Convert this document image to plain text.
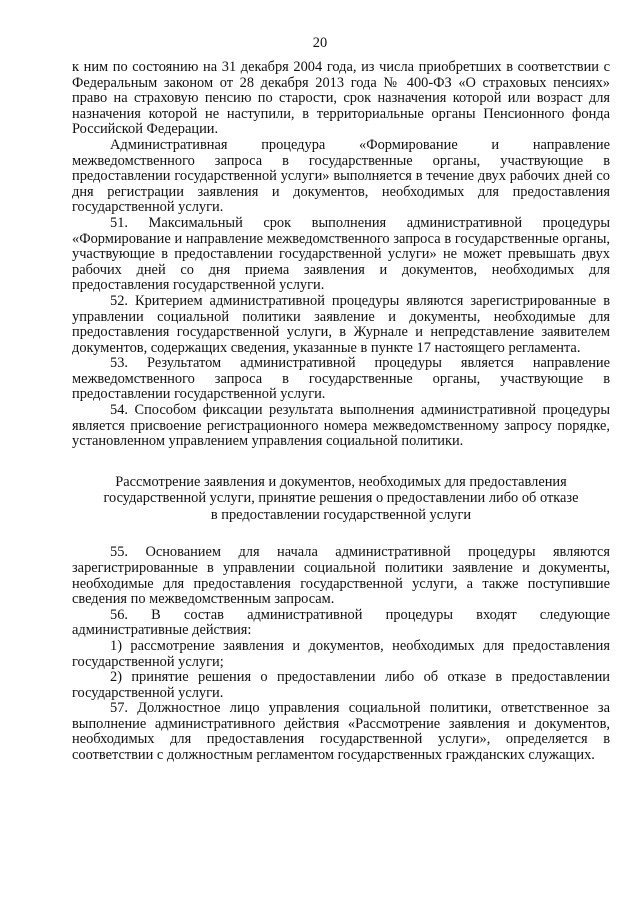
20

к ним по состоянию на 31 декабря 2004 года, из числа приобретших в соответствии с Федеральным законом от 28 декабря 2013 года № 400-ФЗ «О страховых пенсиях» право на страховую пенсию по старости, срок назначения которой или возраст для назначения которой не наступили, в территориальные органы Пенсионного фонда Российской Федерации.

Административная процедура «Формирование и направление межведомственного запроса в государственные органы, участвующие в предоставлении государственной услуги» выполняется в течение двух рабочих дней со дня регистрации заявления и документов, необходимых для предоставления государственной услуги.

51. Максимальный срок выполнения административной процедуры «Формирование и направление межведомственного запроса в государственные органы, участвующие в предоставлении государственной услуги» не может превышать двух рабочих дней со дня приема заявления и документов, необходимых для предоставления государственной услуги.

52. Критерием административной процедуры являются зарегистрированные в управлении социальной политики заявление и документы, необходимые для предоставления государственной услуги, в Журнале и непредставление заявителем документов, содержащих сведения, указанные в пункте 17 настоящего регламента.

53. Результатом административной процедуры является направление межведомственного запроса в государственные органы, участвующие в предоставлении государственной услуги.

54. Способом фиксации результата выполнения административной процедуры является присвоение регистрационного номера межведомственному запросу порядке, установленном управлением управления социальной политики.

Рассмотрение заявления и документов, необходимых для предоставления
государственной услуги, принятие решения о предоставлении либо об отказе
в предоставлении государственной услуги

55. Основанием для начала административной процедуры являются зарегистрированные в управлении социальной политики заявление и документы, необходимые для предоставления государственной услуги, а также поступившие сведения по межведомственным запросам.

56. В состав административной процедуры входят следующие административные действия:

1) рассмотрение заявления и документов, необходимых для предоставления государственной услуги;

2) принятие решения о предоставлении либо об отказе в предоставлении государственной услуги.

57. Должностное лицо управления социальной политики, ответственное за выполнение административного действия «Рассмотрение заявления и документов, необходимых для предоставления государственной услуги», определяется в соответствии с должностным регламентом государственных гражданских служащих.
